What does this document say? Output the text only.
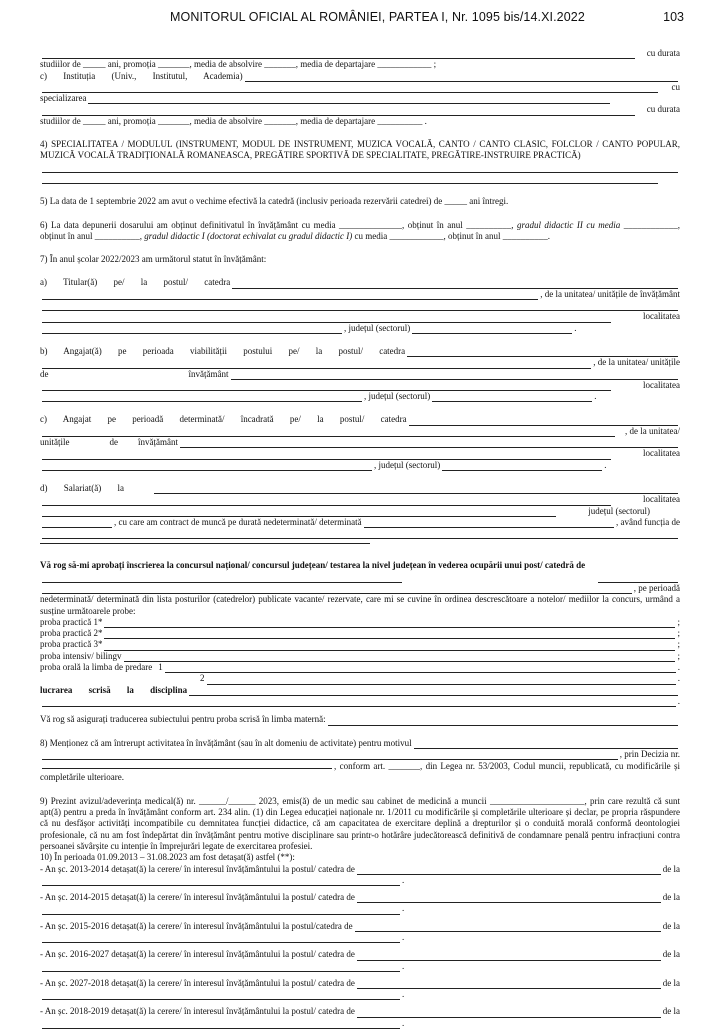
MONITORUL OFICIAL AL ROMÂNIEI, PARTEA I, Nr. 1095 bis/14.XI.2022	103
cu durata
studiilor de _____ ani, promoția _______, media de absolvire _______, media de departajare ____________ ;
c) Instituția (Univ., Institutul, Academia)
cu
specializarea
cu durata
studiilor de _____ ani, promoția _______, media de absolvire _______, media de departajare __________ .
4) SPECIALITATEA / MODULUL (INSTRUMENT, MODUL DE INSTRUMENT, MUZICA VOCALĂ, CANTO / CANTO CLASIC, FOLCLOR / CANTO POPULAR, MUZICĂ VOCALĂ TRADIȚIONALĂ ROMANEASCA, PREGĂTIRE SPORTIVĂ DE SPECIALITATE, PREGĂTIRE-INSTRUIRE PRACTICĂ)
5) La data de 1 septembrie 2022 am avut o vechime efectivă la catedră (inclusiv perioada rezervării catedrei) de _____ ani întregi.
6) La data depunerii dosarului am obținut definitivatul în învățământ cu media ______________, obținut în anul __________, gradul didactic II cu media ____________, obținut în anul __________, gradul didactic I (doctorat echivalat cu gradul didactic I) cu media ____________, obținut în anul __________.
7) În anul școlar 2022/2023 am următorul statut în învățământ:
a) Titular(ă) pe/ la postul/ catedra
, de la unitatea/ unitățile de învățământ
localitatea
, județul (sectorul)	.
b) Angajat(ă) pe perioada viabilității postului pe/ la postul/ catedra
, de la unitatea/ unitățile
de	învățământ
localitatea
, județul (sectorul)	.
c) Angajat pe perioadă determinată/ încadrată pe/ la postul/ catedra
, de la unitatea/
unitățile	de învățământ
localitatea
, județul (sectorul)	.
d) Salariat(ă) la
localitatea
județul (sectorul)
, cu care am contract de muncă pe durată nedeterminată/ determinată	, având funcția de
Vă rog să-mi aprobați înscrierea la concursul național/ concursul județean/ testarea la nivel județean în vederea ocupării unui post/ catedră de
, pe perioadă
nedeterminată/ determinată din lista posturilor (catedrelor) publicate vacante/ rezervate, care mi se cuvine în ordinea descrescătoare a notelor/ mediilor la concurs, urmând a susține următoarele probe:
proba practică 1*	;
proba practică 2*	;
proba practică 3*	;
proba intensiv/ bilingv	;
proba orală la limba de predare 1	.
2	.
lucrarea scrisă la disciplina
.
Vă rog să asigurați traducerea subiectului pentru proba scrisă în limba maternă:
8) Menționez că am întrerupt activitatea în învățământ (sau în alt domeniu de activitate) pentru motivul
, prin Decizia nr.
, conform art. _______, din Legea nr. 53/2003, Codul muncii, republicată, cu modificările și completările ulterioare.
9) Prezint avizul/adeverința medical(ă) nr. ______/______ 2023, emis(ă) de un medic sau cabinet de medicină a muncii _____________________, prin care rezultă că sunt apt(ă) pentru a preda în învățământ conform art. 234 alin. (1) din Legea educației naționale nr. 1/2011 cu modificările și completările ulterioare și declar, pe propria răspundere că nu desfășor activități incompatibile cu demnitatea funcției didactice, că am capacitatea de exercitare deplină a drepturilor și o conduită morală conformă deontologiei profesionale, că nu am fost îndepărtat din învățământ pentru motive disciplinare sau printr-o hotărâre judecătorească definitivă de condamnare penală pentru infracțiuni contra persoanei săvârșite cu intenție în împrejurări legate de exercitarea profesiei.
10) În perioada 01.09.2013 – 31.08.2023 am fost detașat(ă) astfel (**):
- An șc. 2013-2014 detașat(ă) la cerere/ în interesul învățământului la postul/ catedra de	de la
.
- An șc. 2014-2015 detașat(ă) la cerere/ în interesul învățământului la postul/ catedra de	de la
.
- An șc. 2015-2016 detașat(ă) la cerere/ în interesul învățământului la postul/catedra de	de la
.
- An șc. 2016-2027 detașat(ă) la cerere/ în interesul învățământului la postul/ catedra de	de la
.
- An șc. 2027-2018 detașat(ă) la cerere/ în interesul învățământului la postul/ catedra de	de la
.
- An șc. 2018-2019 detașat(ă) la cerere/ în interesul învățământului la postul/ catedra de	de la
.
